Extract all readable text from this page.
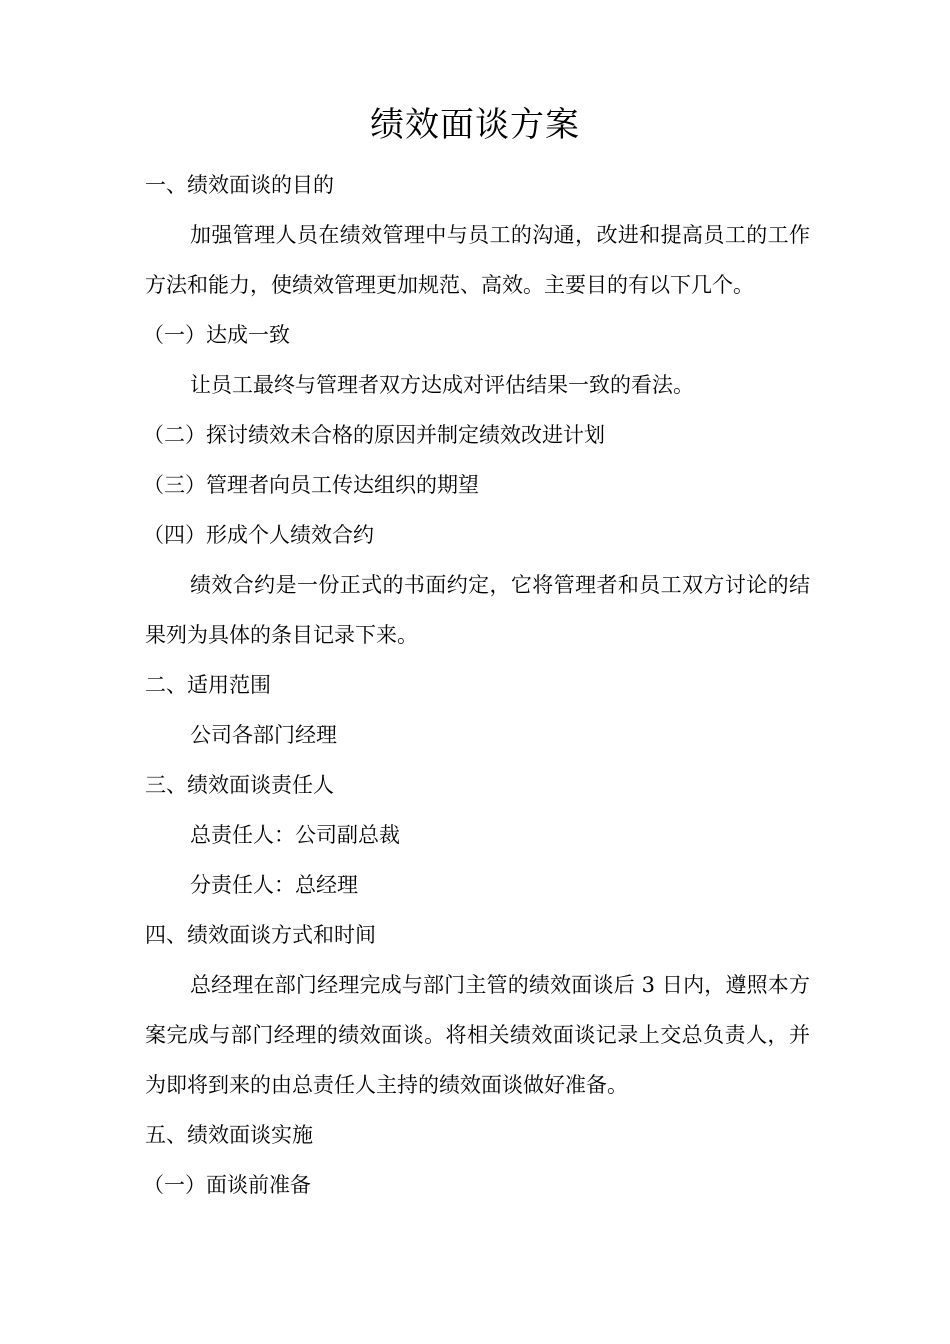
绩效面谈方案

一、绩效面谈的目的

加强管理人员在绩效管理中与员工的沟通，改进和提高员工的工作方法和能力，使绩效管理更加规范、高效。主要目的有以下几个。

（一）达成一致

让员工最终与管理者双方达成对评估结果一致的看法。

（二）探讨绩效未合格的原因并制定绩效改进计划

（三）管理者向员工传达组织的期望

（四）形成个人绩效合约

绩效合约是一份正式的书面约定，它将管理者和员工双方讨论的结果列为具体的条目记录下来。

二、适用范围

公司各部门经理

三、绩效面谈责任人

总责任人：公司副总裁

分责任人：总经理

四、绩效面谈方式和时间

总经理在部门经理完成与部门主管的绩效面谈后 3 日内，遵照本方案完成与部门经理的绩效面谈。将相关绩效面谈记录上交总负责人，并为即将到来的由总责任人主持的绩效面谈做好准备。

五、绩效面谈实施

（一）面谈前准备
